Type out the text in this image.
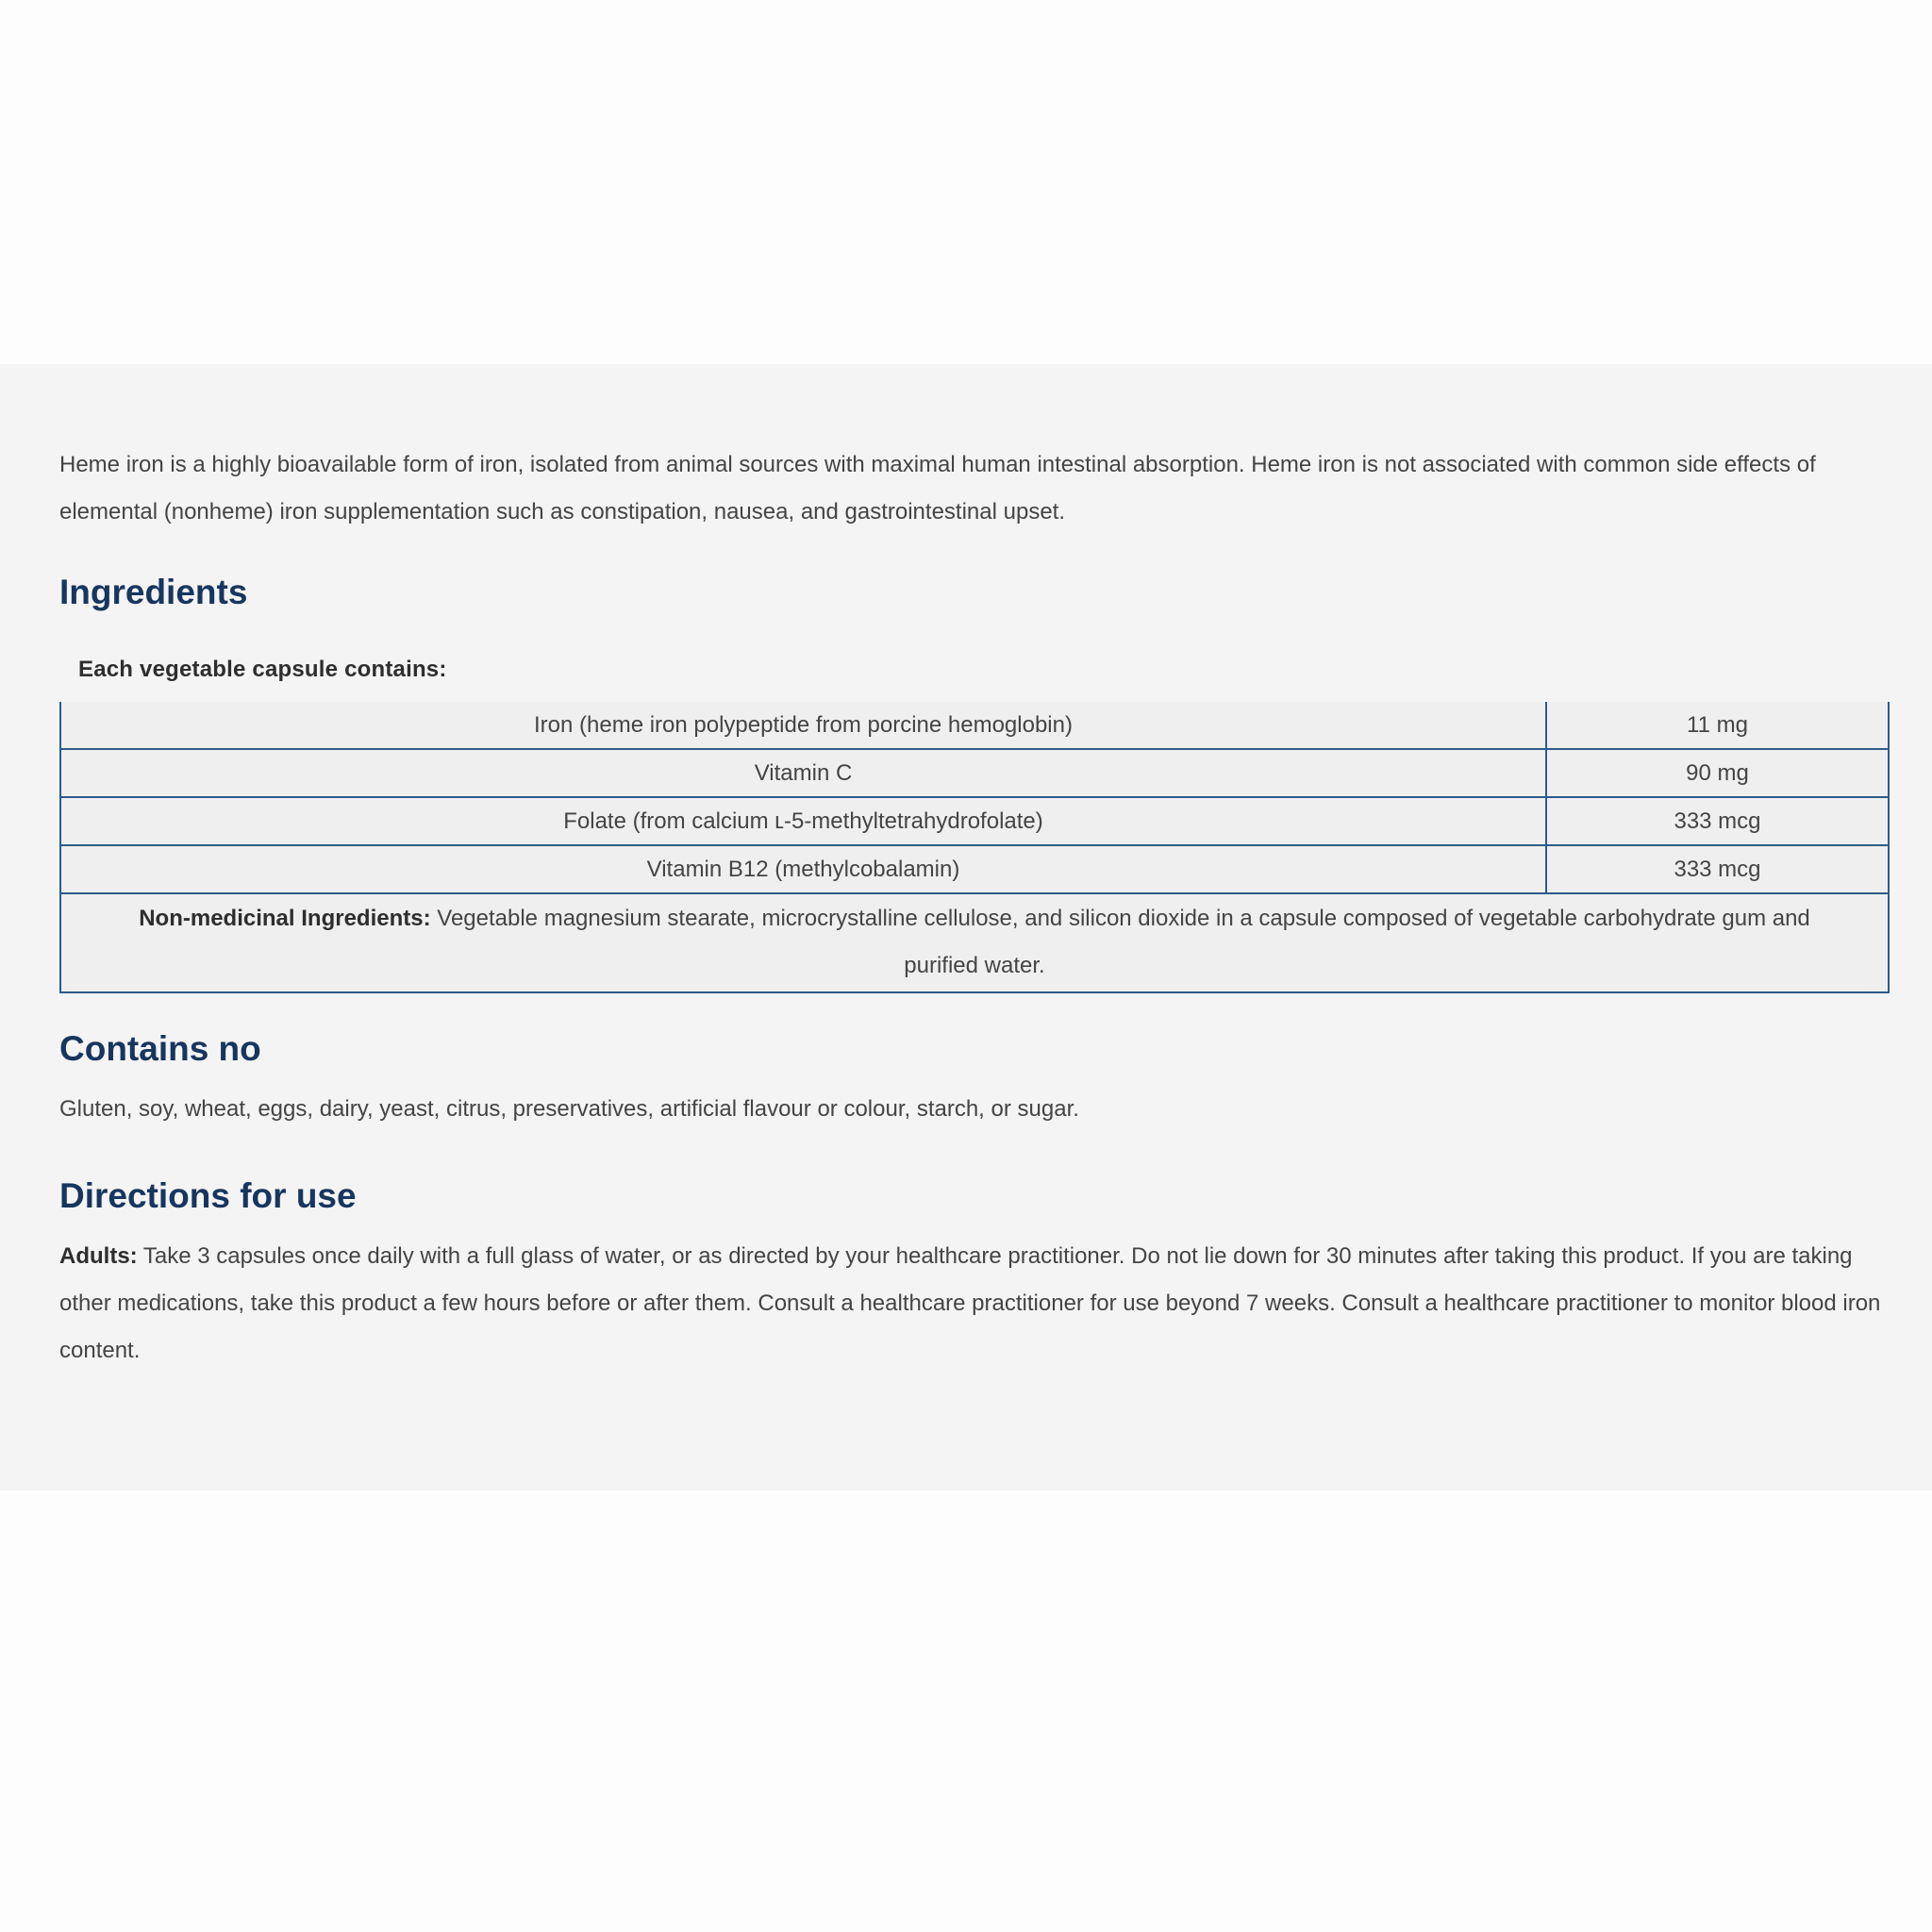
Heme iron is a highly bioavailable form of iron, isolated from animal sources with maximal human intestinal absorption. Heme iron is not associated with common side effects of elemental (nonheme) iron supplementation such as constipation, nausea, and gastrointestinal upset.

Ingredients
Each vegetable capsule contains:
Iron (heme iron polypeptide from porcine hemoglobin)	11 mg
Vitamin C	90 mg
Folate (from calcium ʟ-5-methyltetrahydrofolate)	333 mcg
Vitamin B12 (methylcobalamin)	333 mcg
Non-medicinal Ingredients: Vegetable magnesium stearate, microcrystalline cellulose, and silicon dioxide in a capsule composed of vegetable carbohydrate gum and purified water.	
Contains no

Gluten, soy, wheat, eggs, dairy, yeast, citrus, preservatives, artificial flavour or colour, starch, or sugar.

Directions for use

Adults: Take 3 capsules once daily with a full glass of water, or as directed by your healthcare practitioner. Do not lie down for 30 minutes after taking this product. If you are taking other medications, take this product a few hours before or after them. Consult a healthcare practitioner for use beyond 7 weeks. Consult a healthcare practitioner to monitor blood iron content.
